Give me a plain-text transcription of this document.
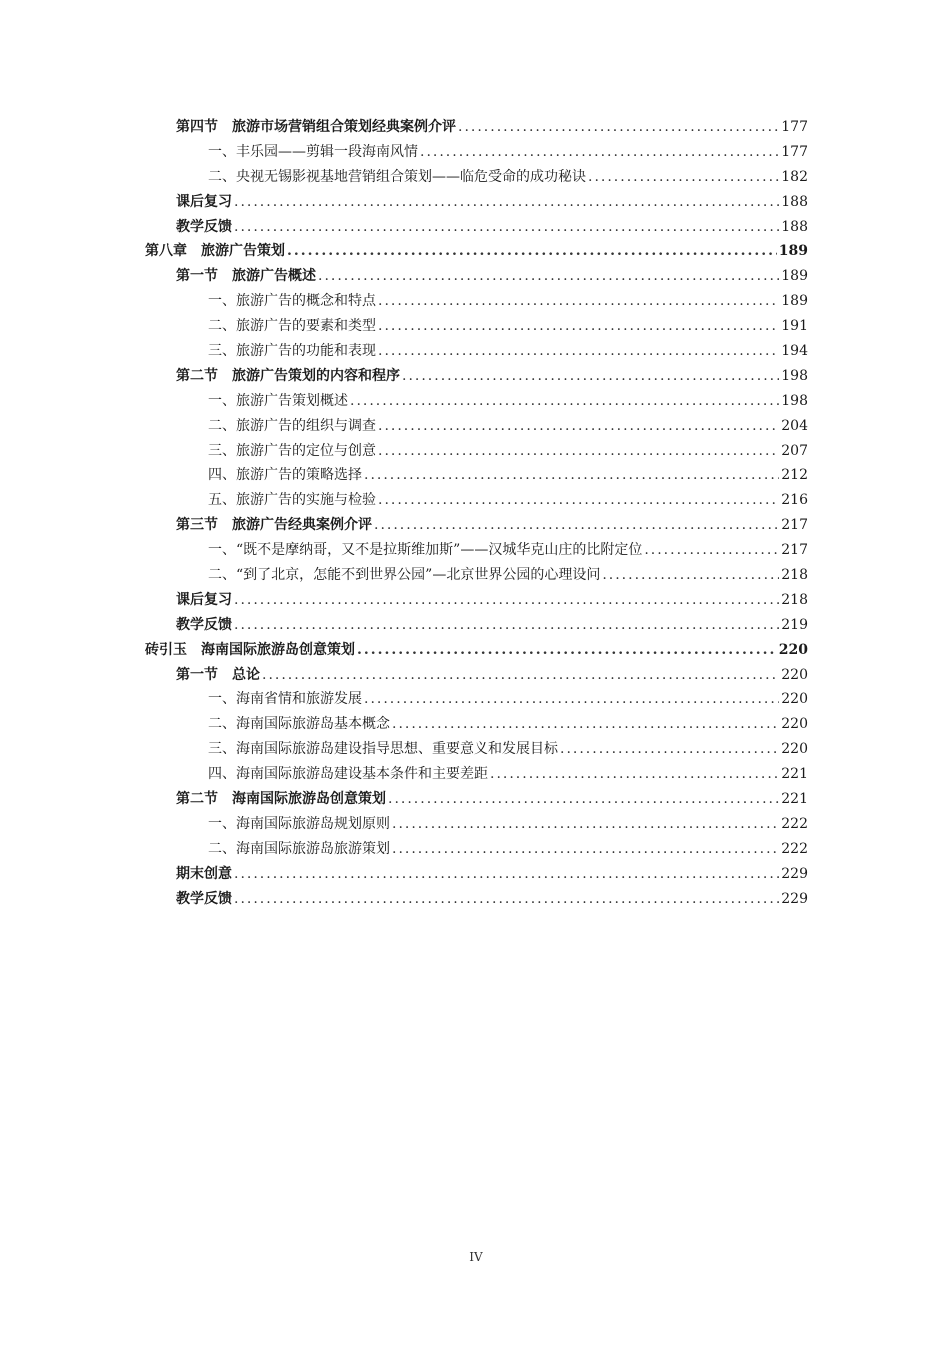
第四节　旅游市场营销组合策划经典案例介评 .....	177
一、丰乐园——剪辑一段海南风情 .....	177
二、央视无锡影视基地营销组合策划——临危受命的成功秘诀 .....	182
课后复习 .....	188
教学反馈 .....	188
第八章　旅游广告策划 .....	189
第一节　旅游广告概述 .....	189
一、旅游广告的概念和特点 .....	189
二、旅游广告的要素和类型 .....	191
三、旅游广告的功能和表现 .....	194
第二节　旅游广告策划的内容和程序 .....	198
一、旅游广告策划概述 .....	198
二、旅游广告的组织与调查 .....	204
三、旅游广告的定位与创意 .....	207
四、旅游广告的策略选择 .....	212
五、旅游广告的实施与检验 .....	216
第三节　旅游广告经典案例介评 .....	217
一、“既不是摩纳哥，又不是拉斯维加斯”——汉城华克山庄的比附定位 .....	217
二、“到了北京，怎能不到世界公园”—北京世界公园的心理设问 .....	218
课后复习 .....	218
教学反馈 .....	219
砖引玉　海南国际旅游岛创意策划 .....	220
第一节　总论 .....	220
一、海南省情和旅游发展 .....	220
二、海南国际旅游岛基本概念 .....	220
三、海南国际旅游岛建设指导思想、重要意义和发展目标 .....	220
四、海南国际旅游岛建设基本条件和主要差距 .....	221
第二节　海南国际旅游岛创意策划 .....	221
一、海南国际旅游岛规划原则 .....	222
二、海南国际旅游岛旅游策划 .....	222
期末创意 .....	229
教学反馈 .....	229
IV
